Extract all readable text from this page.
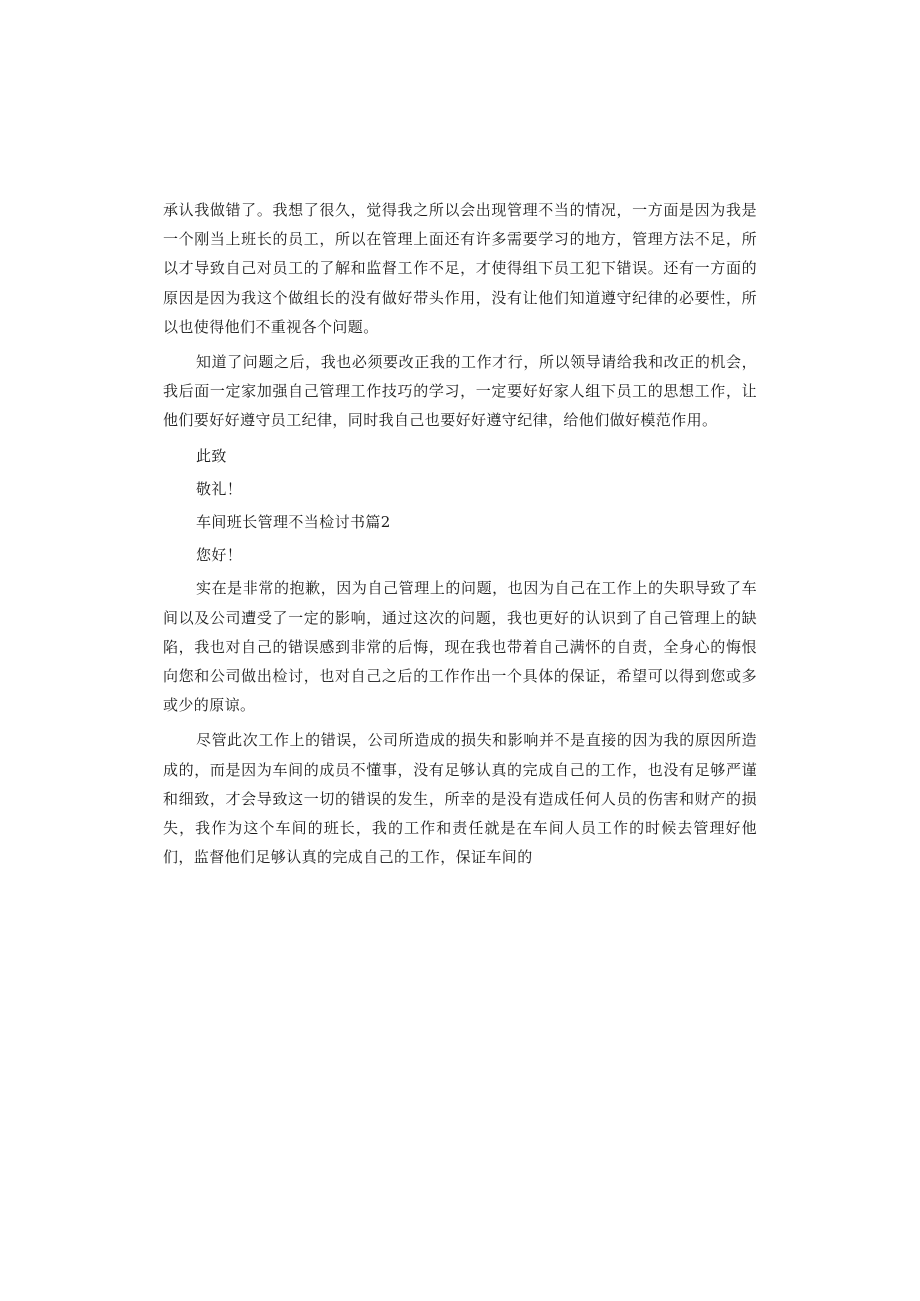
承认我做错了。我想了很久，觉得我之所以会出现管理不当的情况，一方面是因为我是一个刚当上班长的员工，所以在管理上面还有许多需要学习的地方，管理方法不足，所以才导致自己对员工的了解和监督工作不足，才使得组下员工犯下错误。还有一方面的原因是因为我这个做组长的没有做好带头作用，没有让他们知道遵守纪律的必要性，所以也使得他们不重视各个问题。

知道了问题之后，我也必须要改正我的工作才行，所以领导请给我和改正的机会，我后面一定家加强自己管理工作技巧的学习，一定要好好家人组下员工的思想工作，让他们要好好遵守员工纪律，同时我自己也要好好遵守纪律，给他们做好模范作用。

此致

敬礼！

车间班长管理不当检讨书篇2

您好！

实在是非常的抱歉，因为自己管理上的问题，也因为自己在工作上的失职导致了车间以及公司遭受了一定的影响，通过这次的问题，我也更好的认识到了自己管理上的缺陷，我也对自己的错误感到非常的后悔，现在我也带着自己满怀的自责，全身心的悔恨向您和公司做出检讨，也对自己之后的工作作出一个具体的保证，希望可以得到您或多或少的原谅。

尽管此次工作上的错误，公司所造成的损失和影响并不是直接的因为我的原因所造成的，而是因为车间的成员不懂事，没有足够认真的完成自己的工作，也没有足够严谨和细致，才会导致这一切的错误的发生，所幸的是没有造成任何人员的伤害和财产的损失，我作为这个车间的班长，我的工作和责任就是在车间人员工作的时候去管理好他们，监督他们足够认真的完成自己的工作，保证车间的
